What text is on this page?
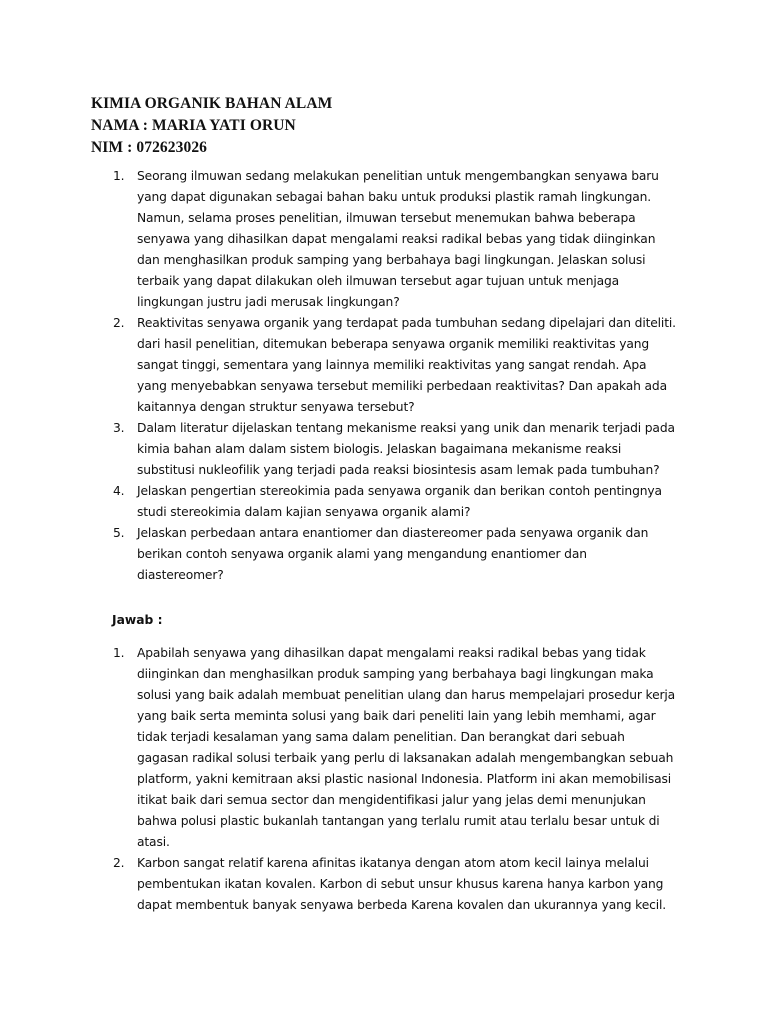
KIMIA ORGANIK BAHAN ALAM
NAMA : MARIA YATI ORUN
NIM : 072623026
1. Seorang ilmuwan sedang melakukan penelitian untuk mengembangkan senyawa baru yang dapat digunakan sebagai bahan baku untuk produksi plastik ramah lingkungan. Namun, selama proses penelitian, ilmuwan tersebut menemukan bahwa beberapa senyawa yang dihasilkan dapat mengalami reaksi radikal bebas yang tidak diinginkan dan menghasilkan produk samping yang berbahaya bagi lingkungan. Jelaskan solusi terbaik yang dapat dilakukan oleh ilmuwan tersebut agar tujuan untuk menjaga lingkungan justru jadi merusak lingkungan?
2. Reaktivitas senyawa organik yang terdapat pada tumbuhan sedang dipelajari dan diteliti. dari hasil penelitian, ditemukan beberapa senyawa organik memiliki reaktivitas yang sangat tinggi, sementara yang lainnya memiliki reaktivitas yang sangat rendah. Apa yang menyebabkan senyawa tersebut memiliki perbedaan reaktivitas? Dan apakah ada kaitannya dengan struktur senyawa tersebut?
3. Dalam literatur dijelaskan tentang mekanisme reaksi yang unik dan menarik terjadi pada kimia bahan alam dalam sistem biologis. Jelaskan bagaimana mekanisme reaksi substitusi nukleofilik yang terjadi pada reaksi biosintesis asam lemak pada tumbuhan?
4. Jelaskan pengertian stereokimia pada senyawa organik dan berikan contoh pentingnya studi stereokimia dalam kajian senyawa organik alami?
5. Jelaskan perbedaan antara enantiomer dan diastereomer pada senyawa organik dan berikan contoh senyawa organik alami yang mengandung enantiomer dan diastereomer?
Jawab :
1. Apabilah senyawa yang dihasilkan dapat mengalami reaksi radikal bebas yang tidak diinginkan dan menghasilkan produk samping yang berbahaya bagi lingkungan maka solusi yang baik adalah membuat penelitian ulang dan harus mempelajari prosedur kerja yang baik serta meminta solusi yang baik dari peneliti lain yang lebih memhami, agar tidak terjadi kesalaman yang sama dalam penelitian. Dan berangkat dari sebuah gagasan radikal solusi terbaik yang perlu di laksanakan adalah mengembangkan sebuah platform, yakni kemitraan aksi plastic nasional Indonesia. Platform ini akan memobilisasi itikat baik dari semua sector dan mengidentifikasi jalur yang jelas demi menunjukan bahwa polusi plastic bukanlah tantangan yang terlalu rumit atau terlalu besar untuk di atasi.
2. Karbon sangat relatif karena afinitas ikatanya dengan atom atom kecil lainya melalui pembentukan ikatan kovalen. Karbon di sebut unsur khusus karena hanya karbon yang dapat membentuk banyak senyawa berbeda Karena kovalen dan ukurannya yang kecil.
